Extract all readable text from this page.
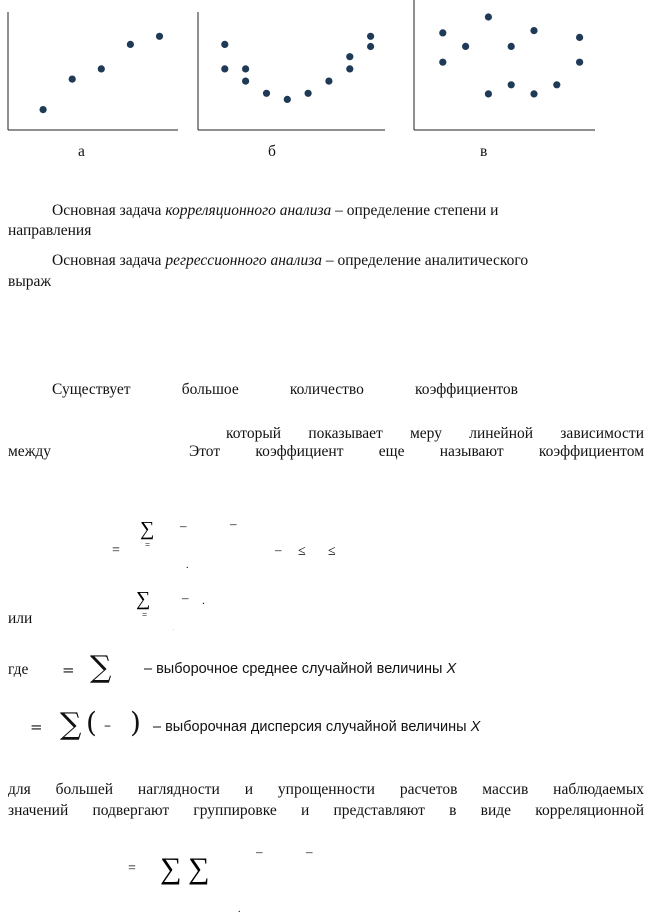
а	б	в
Основная задача корреляционного анализа – определение степени и
направления
Основная задача регрессионного анализа – определение аналитического
выраж
Существует большое количество коэффициентов
который показывает меру линейной зависимости
между	Этот коэффициент еще называют коэффициентом
∑
=
–	–
=
.
– ≤ ≤
∑
=
– .
.
или
где = ∑ – выборочное среднее случайной величины X
= ∑ ( – ) – выборочная дисперсия случайной величины X
для большей наглядности и упрощенности расчетов массив наблюдаемых
значений подвергают группировке и представляют в виде корреляционной
∑ ∑
–	–
=
.
